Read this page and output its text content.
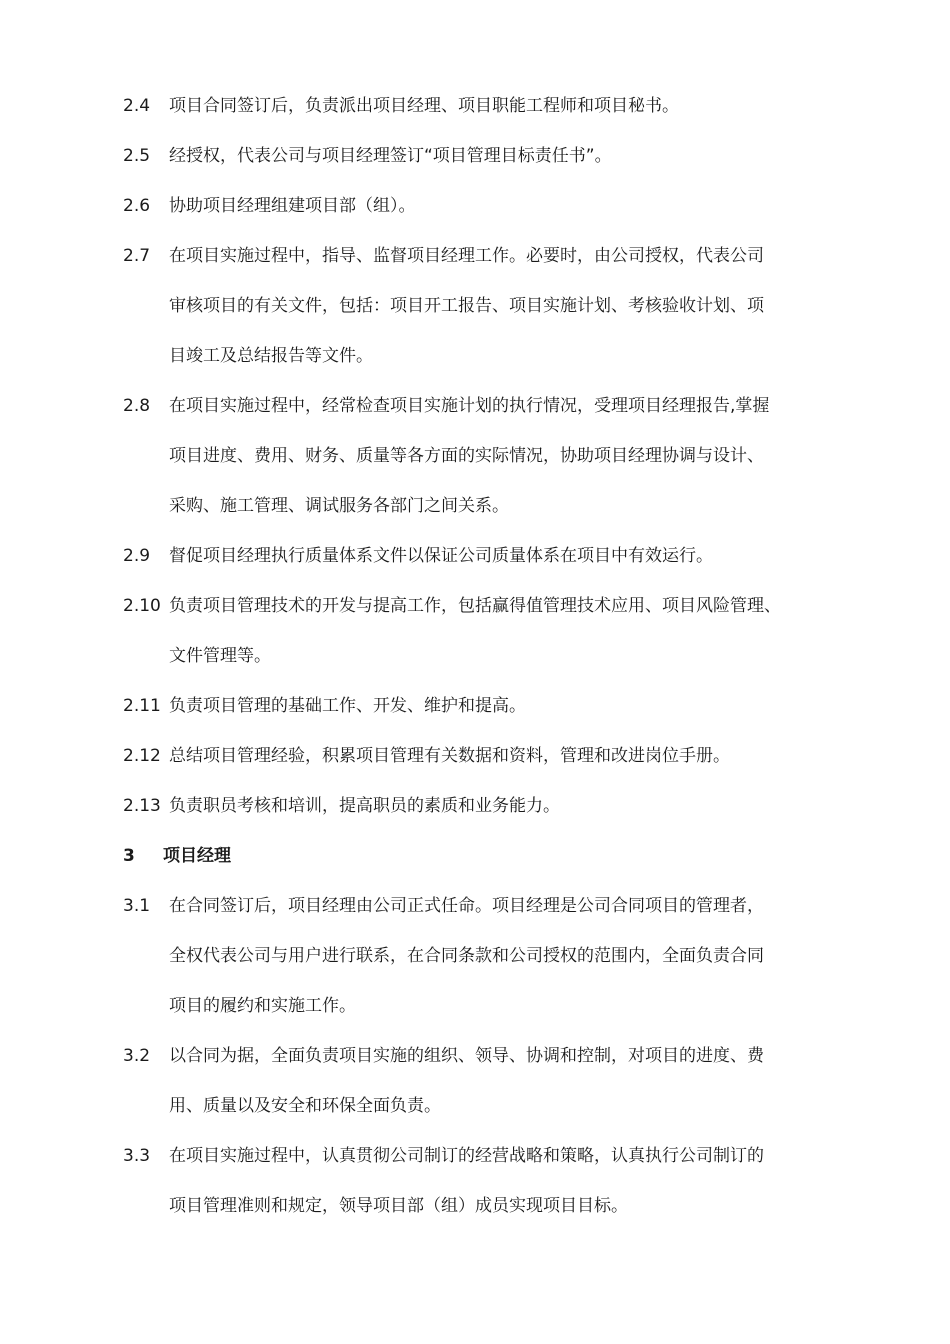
2.4 项目合同签订后，负责派出项目经理、项目职能工程师和项目秘书。
2.5 经授权，代表公司与项目经理签订“项目管理目标责任书”。
2.6 协助项目经理组建项目部（组）。
2.7 在项目实施过程中，指导、监督项目经理工作。必要时，由公司授权，代表公司
审核项目的有关文件，包括：项目开工报告、项目实施计划、考核验收计划、项
目竣工及总结报告等文件。
2.8 在项目实施过程中，经常检查项目实施计划的执行情况，受理项目经理报告,掌握
项目进度、费用、财务、质量等各方面的实际情况，协助项目经理协调与设计、
采购、施工管理、调试服务各部门之间关系。
2.9 督促项目经理执行质量体系文件以保证公司质量体系在项目中有效运行。
2.10 负责项目管理技术的开发与提高工作，包括赢得值管理技术应用、项目风险管理、
文件管理等。
2.11 负责项目管理的基础工作、开发、维护和提高。
2.12 总结项目管理经验，积累项目管理有关数据和资料，管理和改进岗位手册。
2.13 负责职员考核和培训，提高职员的素质和业务能力。
3 项目经理
3.1 在合同签订后，项目经理由公司正式任命。项目经理是公司合同项目的管理者，
全权代表公司与用户进行联系，在合同条款和公司授权的范围内，全面负责合同
项目的履约和实施工作。
3.2 以合同为据，全面负责项目实施的组织、领导、协调和控制，对项目的进度、费
用、质量以及安全和环保全面负责。
3.3 在项目实施过程中，认真贯彻公司制订的经营战略和策略，认真执行公司制订的
项目管理准则和规定，领导项目部（组）成员实现项目目标。
